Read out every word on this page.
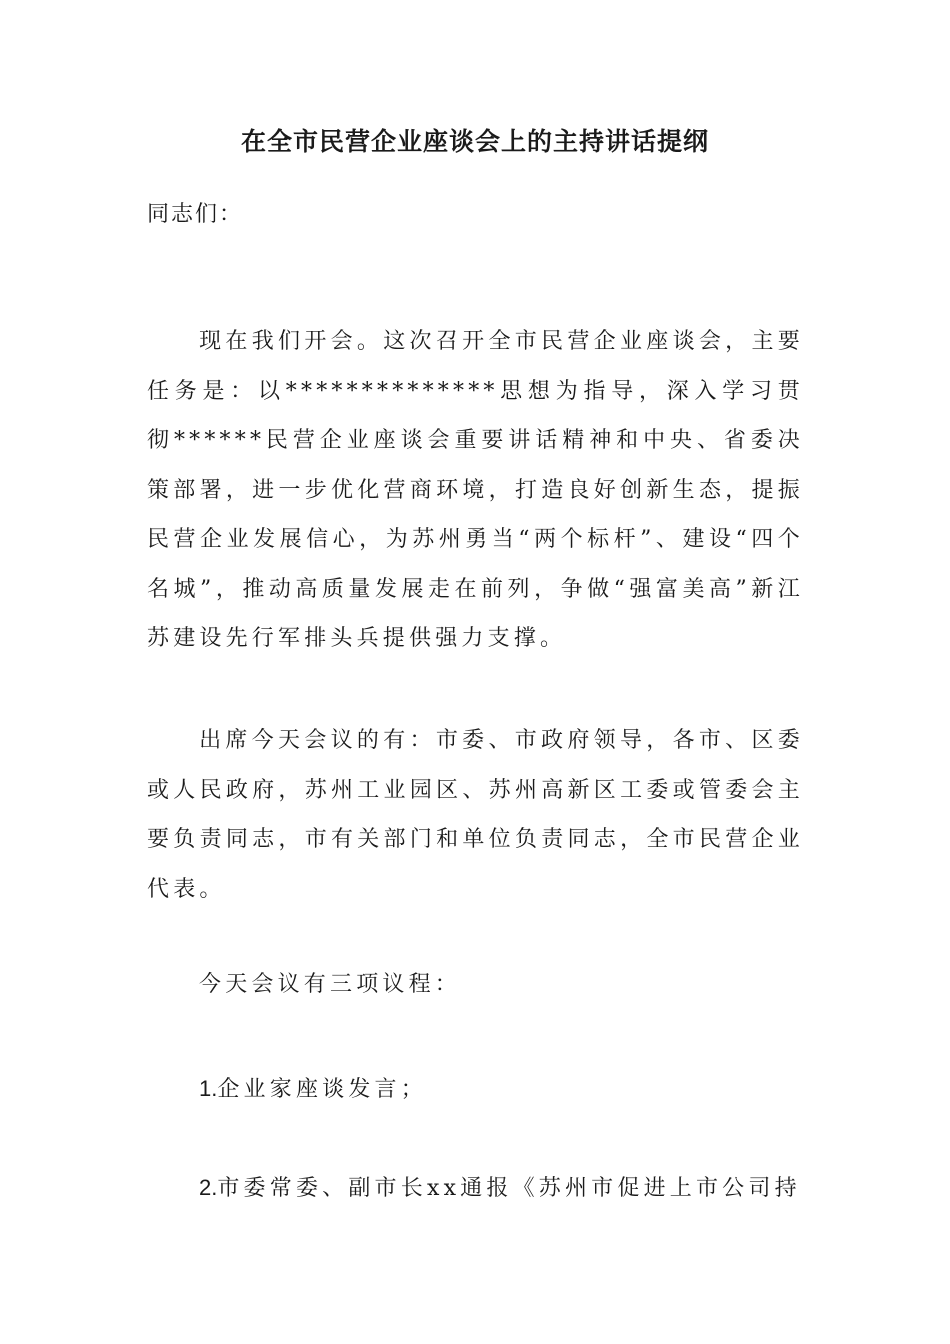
在全市民营企业座谈会上的主持讲话提纲
同志们：

现在我们开会。这次召开全市民营企业座谈会，主要任务是：以**************思想为指导，深入学习贯彻******民营企业座谈会重要讲话精神和中央、省委决策部署，进一步优化营商环境，打造良好创新生态，提振民营企业发展信心，为苏州勇当“两个标杆”、建设“四个名城”，推动高质量发展走在前列，争做“强富美高”新江苏建设先行军排头兵提供强力支撑。

出席今天会议的有：市委、市政府领导，各市、区委或人民政府，苏州工业园区、苏州高新区工委或管委会主要负责同志，市有关部门和单位负责同志，全市民营企业代表。

今天会议有三项议程：

1.企业家座谈发言；

2.市委常委、副市长xx通报《苏州市促进上市公司持
